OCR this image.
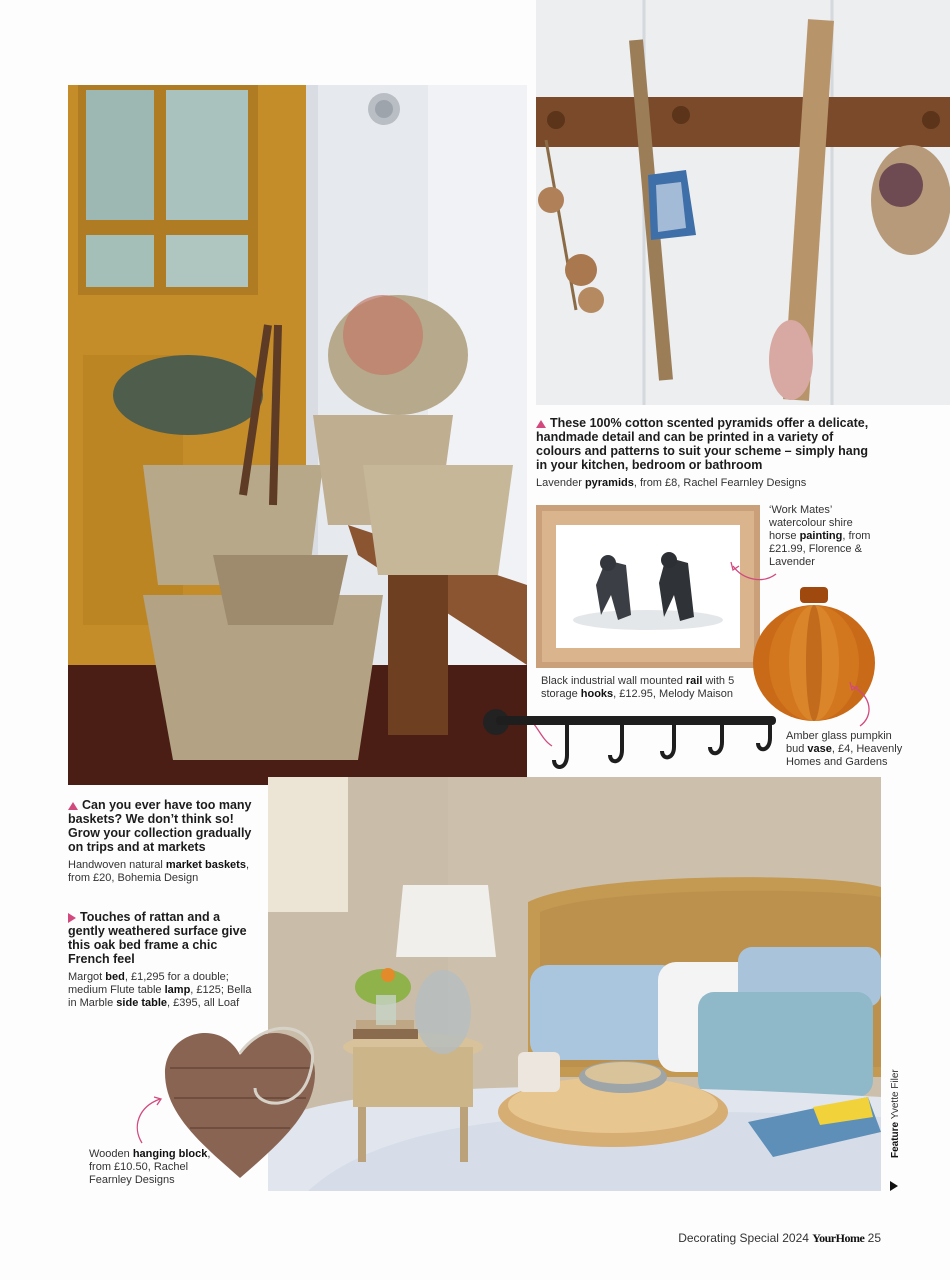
These 100% cotton scented pyramids offer a delicate, handmade detail and can be printed in a variety of colours and patterns to suit your scheme – simply hang in your kitchen, bedroom or bathroom
Lavender pyramids, from £8, Rachel Fearnley Designs
‘Work Mates’ watercolour shire horse painting, from £21.99, Florence & Lavender
Black industrial wall mounted rail with 5 storage hooks, £12.95, Melody Maison
Amber glass pumpkin bud vase, £4, Heavenly Homes and Gardens
Can you ever have too many baskets? We don’t think so! Grow your collection gradually on trips and at markets
Handwoven natural market baskets, from £20, Bohemia Design
Touches of rattan and a gently weathered surface give this oak bed frame a chic French feel
Margot bed, £1,295 for a double; medium Flute table lamp, £125; Bella in Marble side table, £395, all Loaf
Feature Yvette Filer
Wooden hanging block, from £10.50, Rachel Fearnley Designs
Decorating Special 2024 YourHome 25
